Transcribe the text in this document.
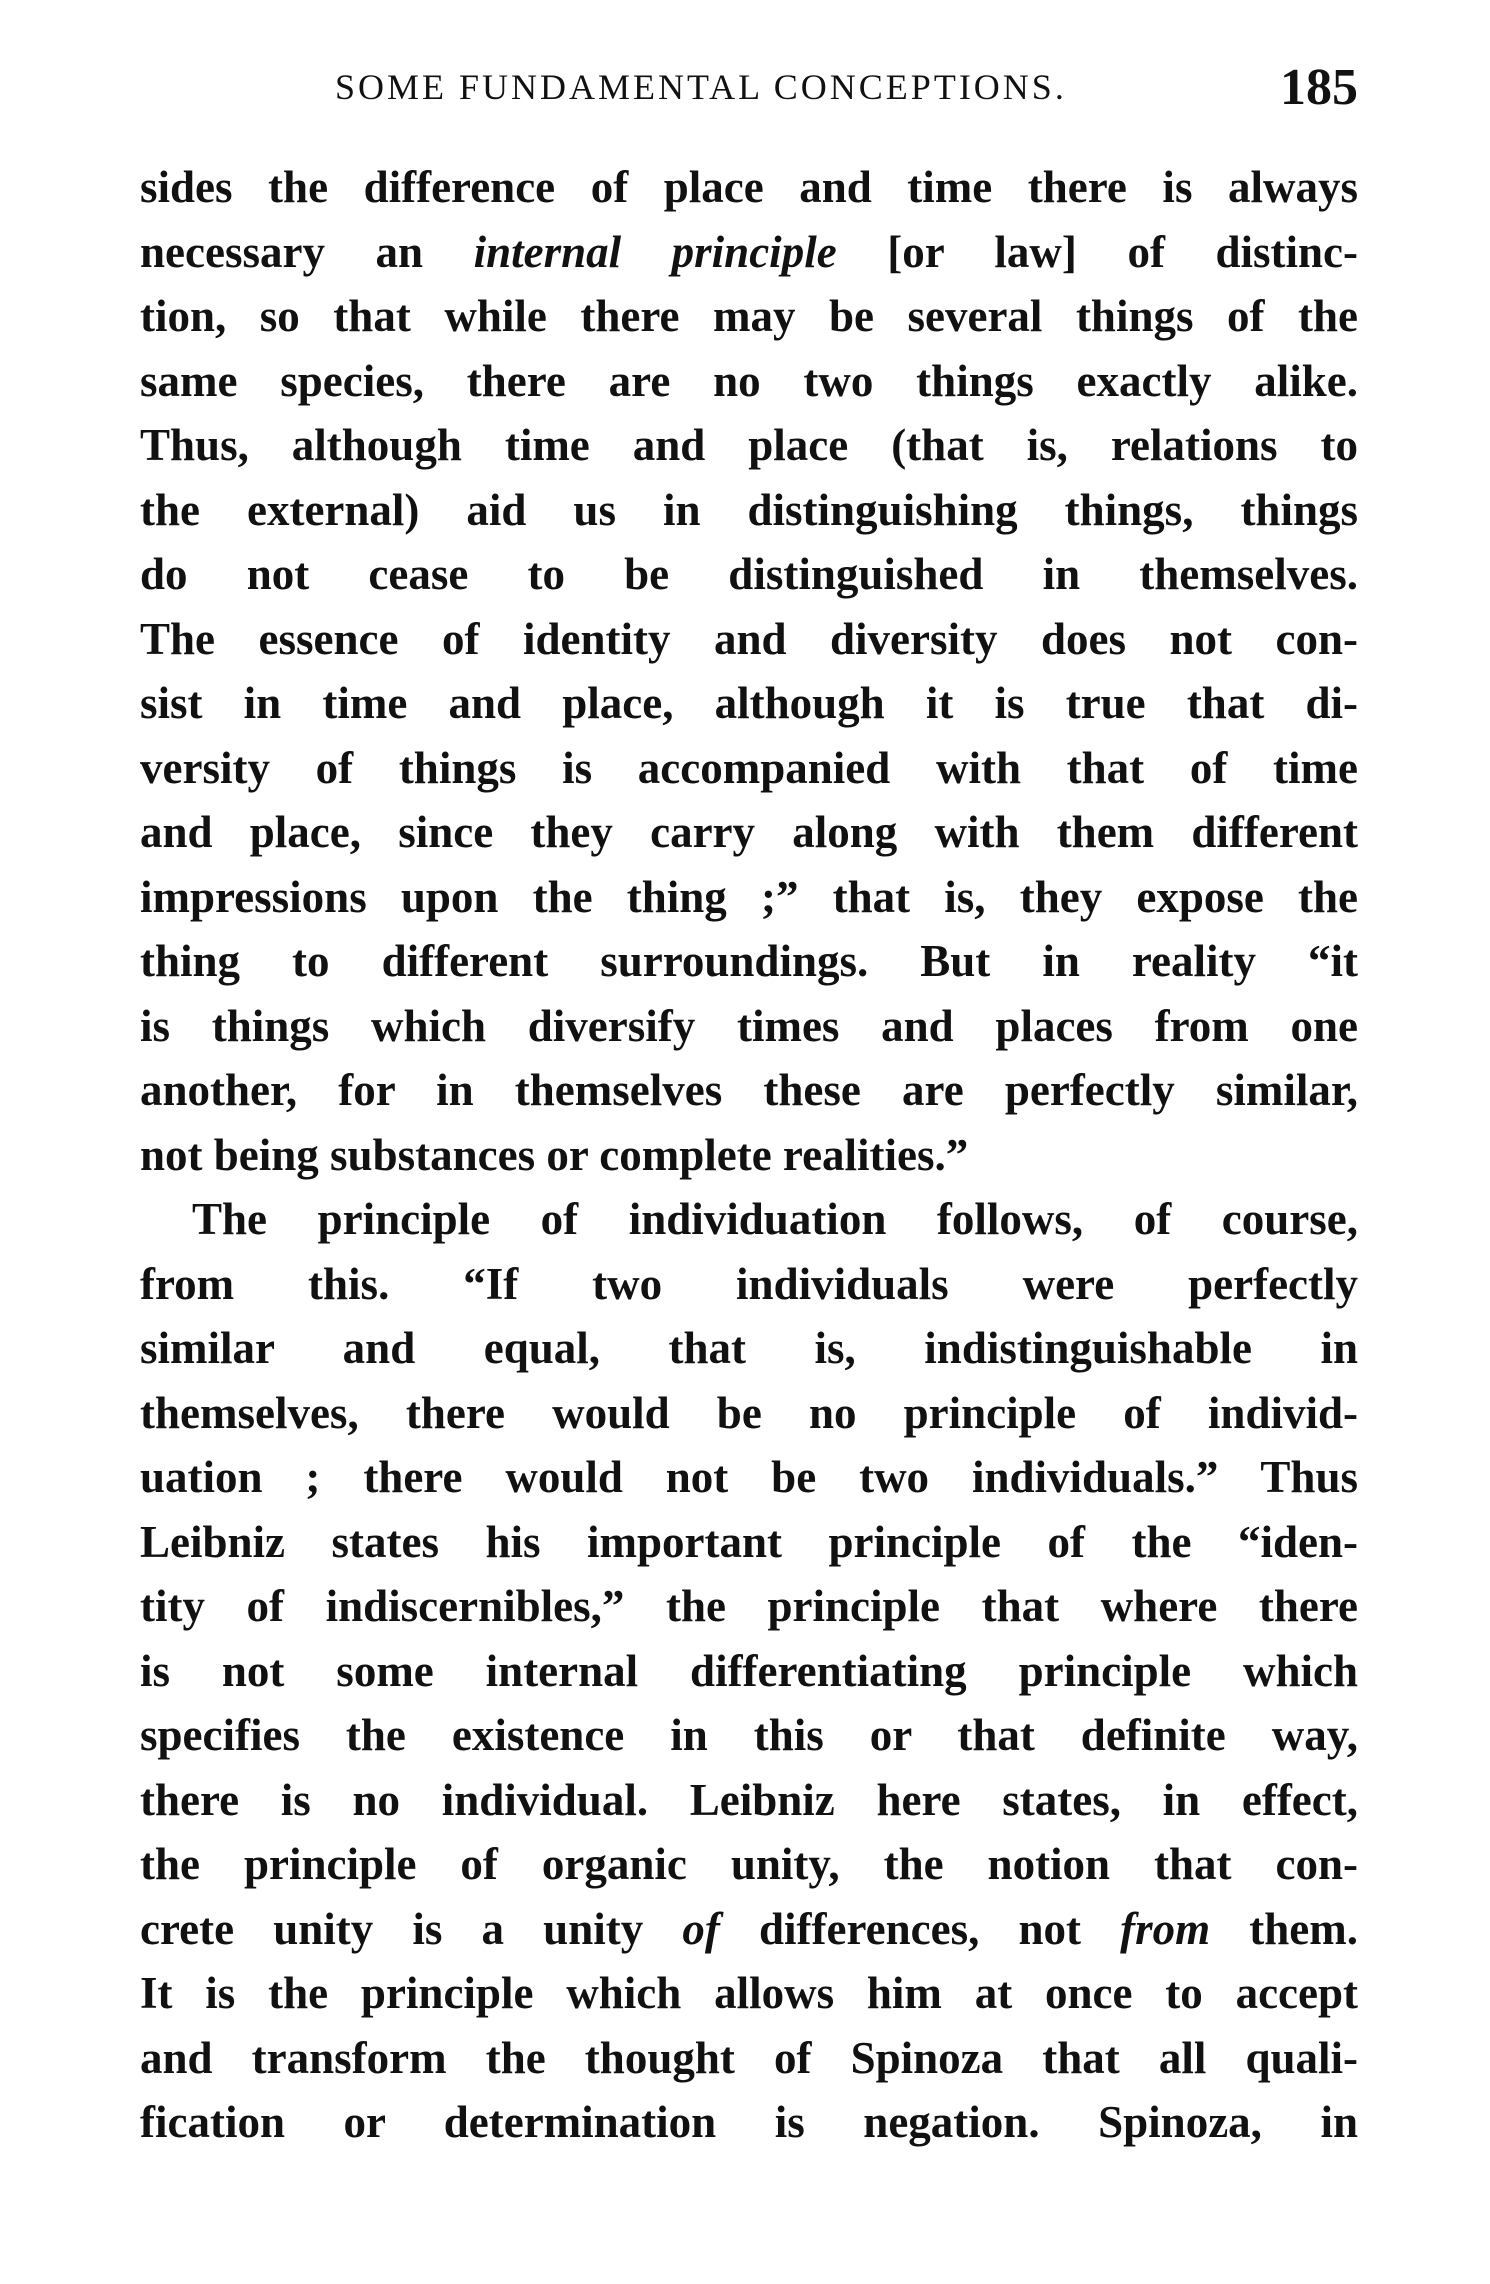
SOME FUNDAMENTAL CONCEPTIONS.	185
sides the difference of place and time there is always
necessary an internal principle [or law] of distinc-
tion, so that while there may be several things of the
same species, there are no two things exactly alike.
Thus, although time and place (that is, relations to
the external) aid us in distinguishing things, things
do not cease to be distinguished in themselves.
The essence of identity and diversity does not con-
sist in time and place, although it is true that di-
versity of things is accompanied with that of time
and place, since they carry along with them different
impressions upon the thing ;” that is, they expose the
thing to different surroundings. But in reality “it
is things which diversify times and places from one
another, for in themselves these are perfectly similar,
not being substances or complete realities.”
The principle of individuation follows, of course,
from this. “If two individuals were perfectly
similar and equal, that is, indistinguishable in
themselves, there would be no principle of individ-
uation ; there would not be two individuals.” Thus
Leibniz states his important principle of the “iden-
tity of indiscernibles,” the principle that where there
is not some internal differentiating principle which
specifies the existence in this or that definite way,
there is no individual. Leibniz here states, in effect,
the principle of organic unity, the notion that con-
crete unity is a unity of differences, not from them.
It is the principle which allows him at once to accept
and transform the thought of Spinoza that all quali-
fication or determination is negation. Spinoza, in
